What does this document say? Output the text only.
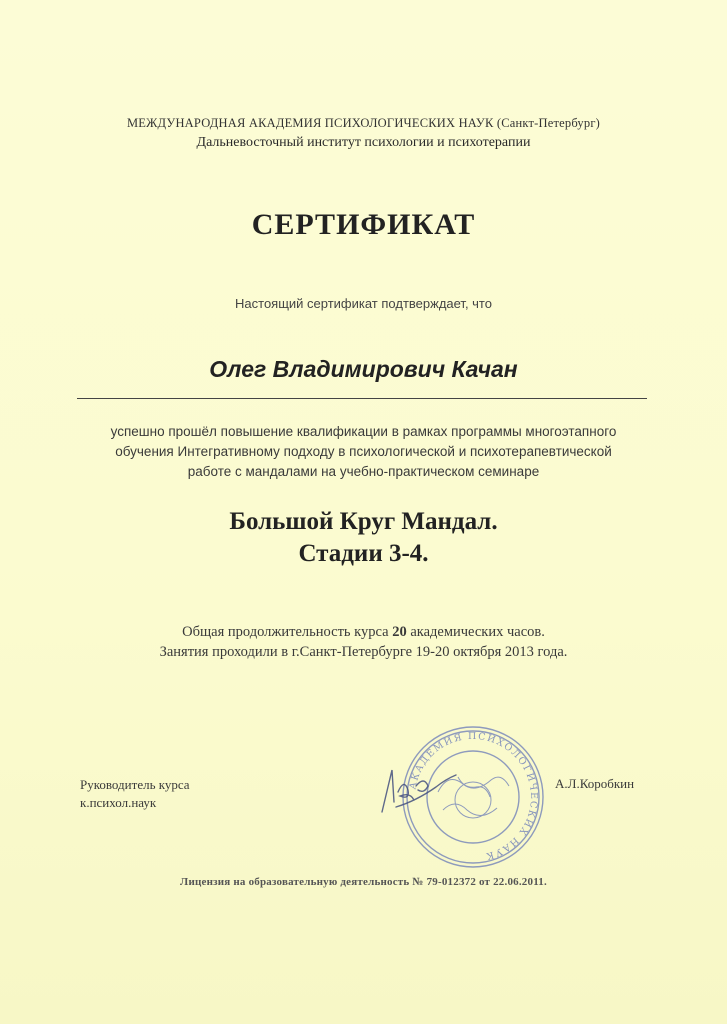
МЕЖДУНАРОДНАЯ АКАДЕМИЯ ПСИХОЛОГИЧЕСКИХ НАУК (Санкт-Петербург)
Дальневосточный институт психологии и психотерапии
СЕРТИФИКАТ
Настоящий сертификат подтверждает, что
Олег Владимирович Качан
успешно прошёл повышение квалификации в рамках программы многоэтапного
обучения Интегративному подходу в психологической и психотерапевтической
работе с мандалами на учебно-практическом семинаре
Большой Круг Мандал.
Стадии 3-4.
Общая продолжительность курса 20 академических часов.
Занятия проходили в г.Санкт-Петербурге 19-20 октября 2013 года.
Руководитель курса
к.психол.наук
АКАДЕМИЯ ПСИХОЛОГИЧЕСКИХ НАУК
А.Л.Коробкин
Лицензия на образовательную деятельность № 79-012372 от 22.06.2011.
